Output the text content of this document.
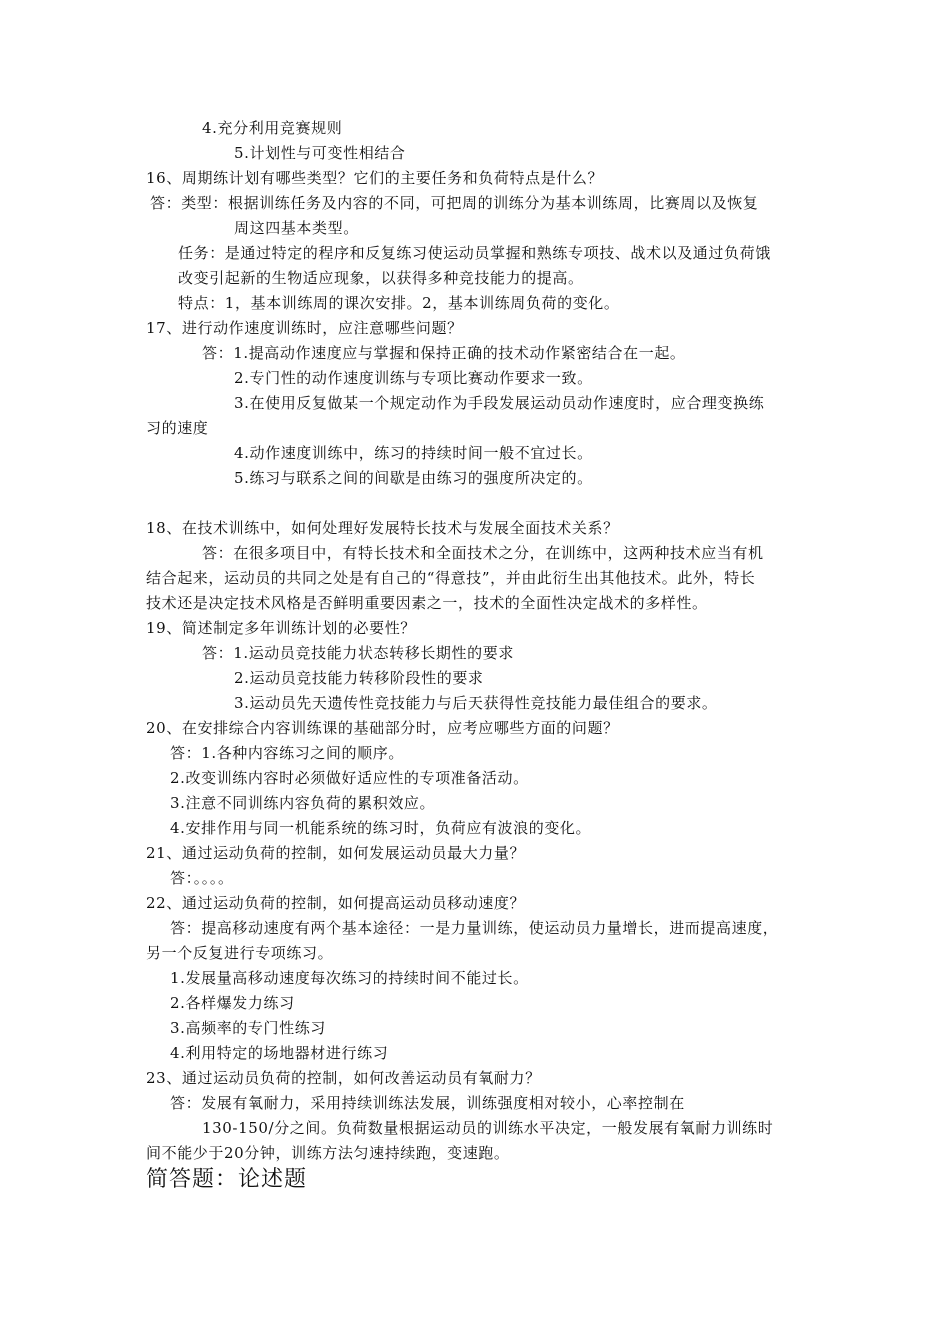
4.充分利用竞赛规则
5.计划性与可变性相结合
16、周期练计划有哪些类型？它们的主要任务和负荷特点是什么？
答：类型：根据训练任务及内容的不同，可把周的训练分为基本训练周，比赛周以及恢复
周这四基本类型。
任务：是通过特定的程序和反复练习使运动员掌握和熟练专项技、战术以及通过负荷饿
改变引起新的生物适应现象，以获得多种竞技能力的提高。
特点：1，基本训练周的课次安排。2，基本训练周负荷的变化。
17、进行动作速度训练时，应注意哪些问题？
答：1.提高动作速度应与掌握和保持正确的技术动作紧密结合在一起。
2.专门性的动作速度训练与专项比赛动作要求一致。
3.在使用反复做某一个规定动作为手段发展运动员动作速度时，应合理变换练
习的速度
4.动作速度训练中，练习的持续时间一般不宜过长。
5.练习与联系之间的间歇是由练习的强度所决定的。
18、在技术训练中，如何处理好发展特长技术与发展全面技术关系？
答：在很多项目中，有特长技术和全面技术之分，在训练中，这两种技术应当有机
结合起来，运动员的共同之处是有自己的“得意技”，并由此衍生出其他技术。此外，特长
技术还是决定技术风格是否鲜明重要因素之一，技术的全面性决定战术的多样性。
19、简述制定多年训练计划的必要性？
答：1.运动员竞技能力状态转移长期性的要求
2.运动员竞技能力转移阶段性的要求
3.运动员先天遗传性竞技能力与后天获得性竞技能力最佳组合的要求。
20、在安排综合内容训练课的基础部分时，应考应哪些方面的问题？
答：1.各种内容练习之间的顺序。
2.改变训练内容时必须做好适应性的专项准备活动。
3.注意不同训练内容负荷的累积效应。
4.安排作用与同一机能系统的练习时，负荷应有波浪的变化。
21、通过运动负荷的控制，如何发展运动员最大力量？
答：。。。。
22、通过运动负荷的控制，如何提高运动员移动速度？
答：提高移动速度有两个基本途径：一是力量训练，使运动员力量增长，进而提高速度，
另一个反复进行专项练习。
1.发展量高移动速度每次练习的持续时间不能过长。
2.各样爆发力练习
3.高频率的专门性练习
4.利用特定的场地器材进行练习
23、通过运动员负荷的控制，如何改善运动员有氧耐力？
答：发展有氧耐力，采用持续训练法发展，训练强度相对较小，心率控制在
130-150/分之间。负荷数量根据运动员的训练水平决定，一般发展有氧耐力训练时
间不能少于20分钟，训练方法匀速持续跑，变速跑。
简答题：论述题
